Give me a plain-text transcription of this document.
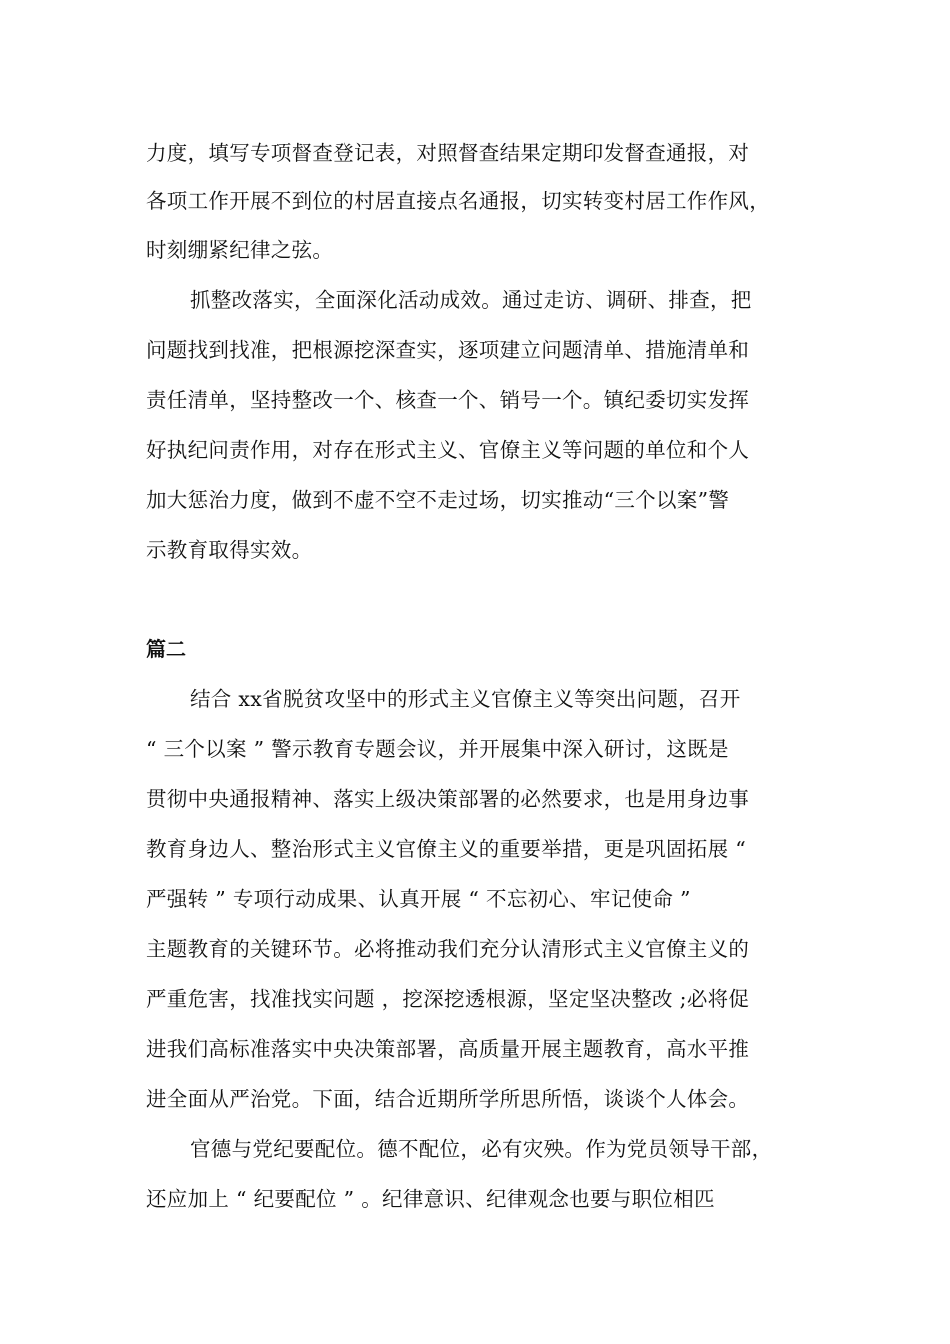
力度，填写专项督查登记表，对照督查结果定期印发督查通报，对
各项工作开展不到位的村居直接点名通报，切实转变村居工作作风，
时刻绷紧纪律之弦。
抓整改落实，全面深化活动成效。通过走访、调研、排查，把
问题找到找准，把根源挖深查实，逐项建立问题清单、措施清单和
责任清单，坚持整改一个、核查一个、销号一个。镇纪委切实发挥
好执纪问责作用，对存在形式主义、官僚主义等问题的单位和个人
加大惩治力度，做到不虚不空不走过场，切实推动“三个以案”警
示教育取得实效。
篇二
结合 xx省脱贫攻坚中的形式主义官僚主义等突出问题，召开
“ 三个以案 ” 警示教育专题会议，并开展集中深入研讨，这既是
贯彻中央通报精神、落实上级决策部署的必然要求，也是用身边事
教育身边人、整治形式主义官僚主义的重要举措，更是巩固拓展 “
严强转 ” 专项行动成果、认真开展 “ 不忘初心、牢记使命 ”
主题教育的关键环节。必将推动我们充分认清形式主义官僚主义的
严重危害，找准找实问题 ，挖深挖透根源，坚定坚决整改 ;必将促
进我们高标准落实中央决策部署，高质量开展主题教育，高水平推
进全面从严治党。下面，结合近期所学所思所悟，谈谈个人体会。
官德与党纪要配位。德不配位，必有灾殃。作为党员领导干部，
还应加上 “ 纪要配位 ” 。纪律意识、纪律观念也要与职位相匹
